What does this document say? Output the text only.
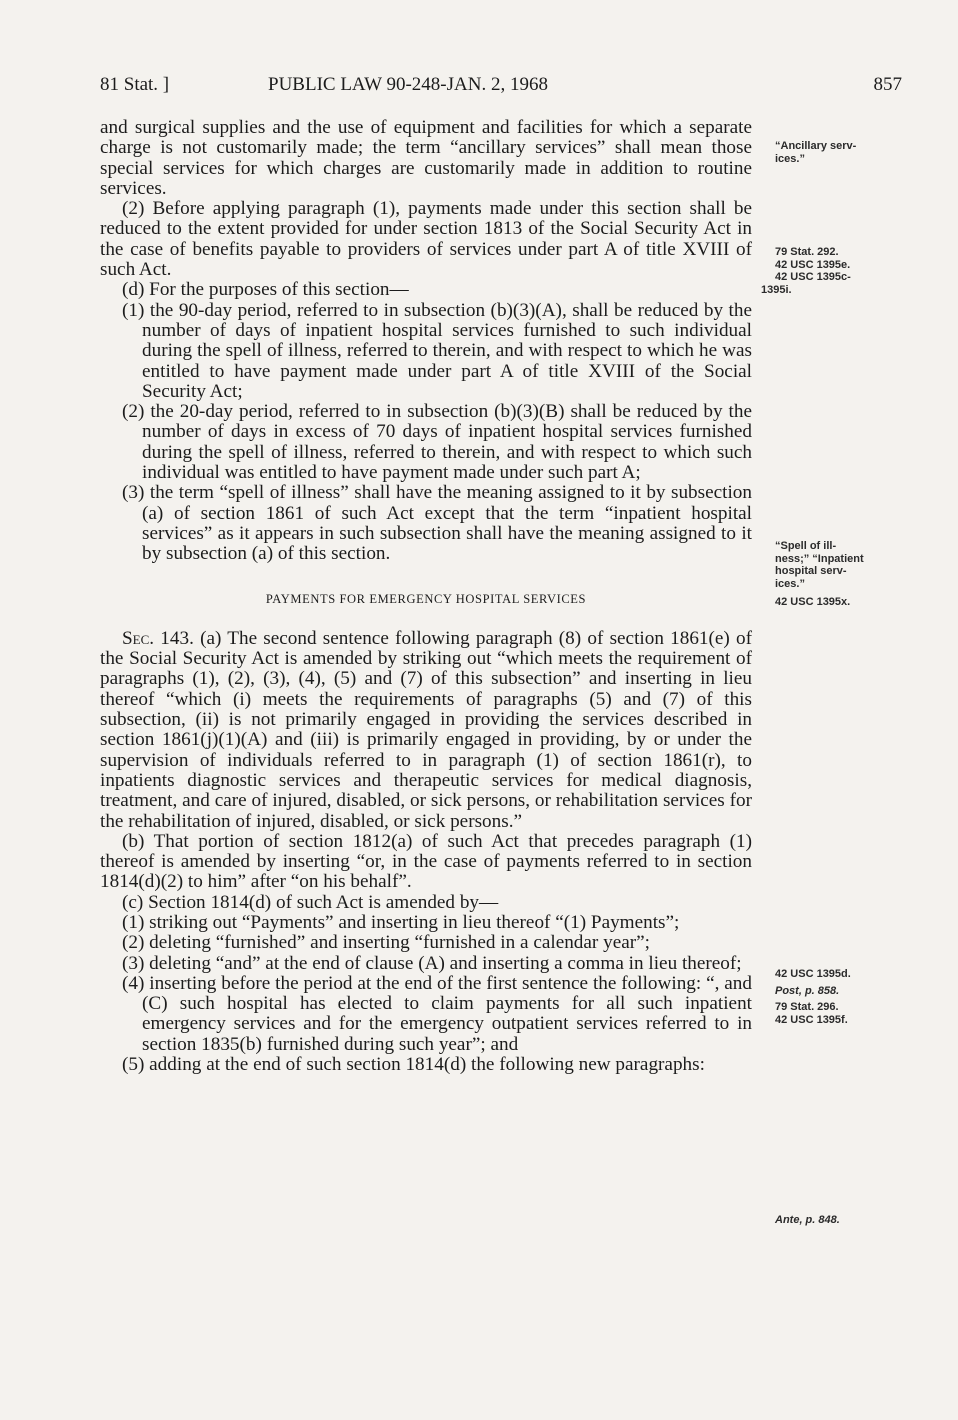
81 Stat. ]	PUBLIC LAW 90-248-JAN. 2, 1968	857

and surgical supplies and the use of equipment and facilities for which a separate charge is not customarily made; the term “ancillary services” shall mean those special services for which charges are customarily made in addition to routine services.

(2) Before applying paragraph (1), payments made under this section shall be reduced to the extent provided for under section 1813 of the Social Security Act in the case of benefits payable to providers of services under part A of title XVIII of such Act.

(d) For the purposes of this section—

(1) the 90-day period, referred to in subsection (b)(3)(A), shall be reduced by the number of days of inpatient hospital services furnished to such individual during the spell of illness, referred to therein, and with respect to which he was entitled to have payment made under part A of title XVIII of the Social Security Act;

(2) the 20-day period, referred to in subsection (b)(3)(B) shall be reduced by the number of days in excess of 70 days of inpatient hospital services furnished during the spell of illness, referred to therein, and with respect to which such individual was entitled to have payment made under such part A;

(3) the term “spell of illness” shall have the meaning assigned to it by subsection (a) of section 1861 of such Act except that the term “inpatient hospital services” as it appears in such subsection shall have the meaning assigned to it by subsection (a) of this section.

PAYMENTS FOR EMERGENCY HOSPITAL SERVICES

Sec. 143. (a) The second sentence following paragraph (8) of section 1861(e) of the Social Security Act is amended by striking out “which meets the requirement of paragraphs (1), (2), (3), (4), (5) and (7) of this subsection” and inserting in lieu thereof “which (i) meets the requirements of paragraphs (5) and (7) of this subsection, (ii) is not primarily engaged in providing the services described in section 1861(j)(1)(A) and (iii) is primarily engaged in providing, by or under the supervision of individuals referred to in paragraph (1) of section 1861(r), to inpatients diagnostic services and therapeutic services for medical diagnosis, treatment, and care of injured, disabled, or sick persons, or rehabilitation services for the rehabilitation of injured, disabled, or sick persons.”

(b) That portion of section 1812(a) of such Act that precedes paragraph (1) thereof is amended by inserting “or, in the case of payments referred to in section 1814(d)(2) to him” after “on his behalf”.

(c) Section 1814(d) of such Act is amended by—

(1) striking out “Payments” and inserting in lieu thereof “(1) Payments”;

(2) deleting “furnished” and inserting “furnished in a calendar year”;

(3) deleting “and” at the end of clause (A) and inserting a comma in lieu thereof;

(4) inserting before the period at the end of the first sentence the following: “, and (C) such hospital has elected to claim payments for all such inpatient emergency services and for the emergency outpatient services referred to in section 1835(b) furnished during such year”; and

(5) adding at the end of such section 1814(d) the following new paragraphs:

“Ancillary serv-
ices.”
79 Stat. 292.
42 USC 1395e.
42 USC 1395c-
1395i.
“Spell of ill-
ness;” “Inpatient
hospital serv-
ices.”
42 USC 1395x.
42 USC 1395d.
Post, p. 858.
79 Stat. 296.
42 USC 1395f.
Ante, p. 848.
